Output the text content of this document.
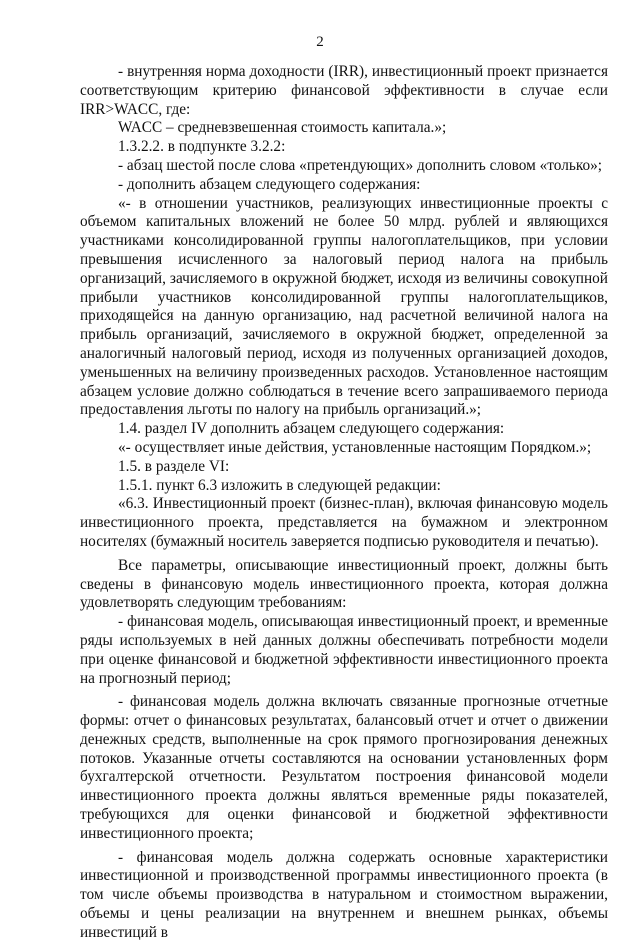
2

- внутренняя норма доходности (IRR), инвестиционный проект признается соответствующим критерию финансовой эффективности в случае если IRR>WACC, где:

WACC – средневзвешенная стоимость капитала.»;

1.3.2.2. в подпункте 3.2.2:

- абзац шестой после слова «претендующих» дополнить словом «только»;

- дополнить абзацем следующего содержания:

«- в отношении участников, реализующих инвестиционные проекты с объемом капитальных вложений не более 50 млрд. рублей и являющихся участниками консолидированной группы налогоплательщиков, при условии превышения исчисленного за налоговый период налога на прибыль организаций, зачисляемого в окружной бюджет, исходя из величины совокупной прибыли участников консолидированной группы налогоплательщиков, приходящейся на данную организацию, над расчетной величиной налога на прибыль организаций, зачисляемого в окружной бюджет, определенной за аналогичный налоговый период, исходя из полученных организацией доходов, уменьшенных на величину произведенных расходов. Установленное настоящим абзацем условие должно соблюдаться в течение всего запрашиваемого периода предоставления льготы по налогу на прибыль организаций.»;

1.4. раздел IV дополнить абзацем следующего содержания:

«- осуществляет иные действия, установленные настоящим Порядком.»;

1.5. в разделе VI:

1.5.1. пункт 6.3 изложить в следующей редакции:

«6.3. Инвестиционный проект (бизнес-план), включая финансовую модель инвестиционного проекта, представляется на бумажном и электронном носителях (бумажный носитель заверяется подписью руководителя и печатью).

Все параметры, описывающие инвестиционный проект, должны быть сведены в финансовую модель инвестиционного проекта, которая должна удовлетворять следующим требованиям:

- финансовая модель, описывающая инвестиционный проект, и временные ряды используемых в ней данных должны обеспечивать потребности модели при оценке финансовой и бюджетной эффективности инвестиционного проекта на прогнозный период;

- финансовая модель должна включать связанные прогнозные отчетные формы: отчет о финансовых результатах, балансовый отчет и отчет о движении денежных средств, выполненные на срок прямого прогнозирования денежных потоков. Указанные отчеты составляются на основании установленных форм бухгалтерской отчетности. Результатом построения финансовой модели инвестиционного проекта должны являться временные ряды показателей, требующихся для оценки финансовой и бюджетной эффективности инвестиционного проекта;

- финансовая модель должна содержать основные характеристики инвестиционной и производственной программы инвестиционного проекта (в том числе объемы производства в натуральном и стоимостном выражении, объемы и цены реализации на внутреннем и внешнем рынках, объемы инвестиций в
